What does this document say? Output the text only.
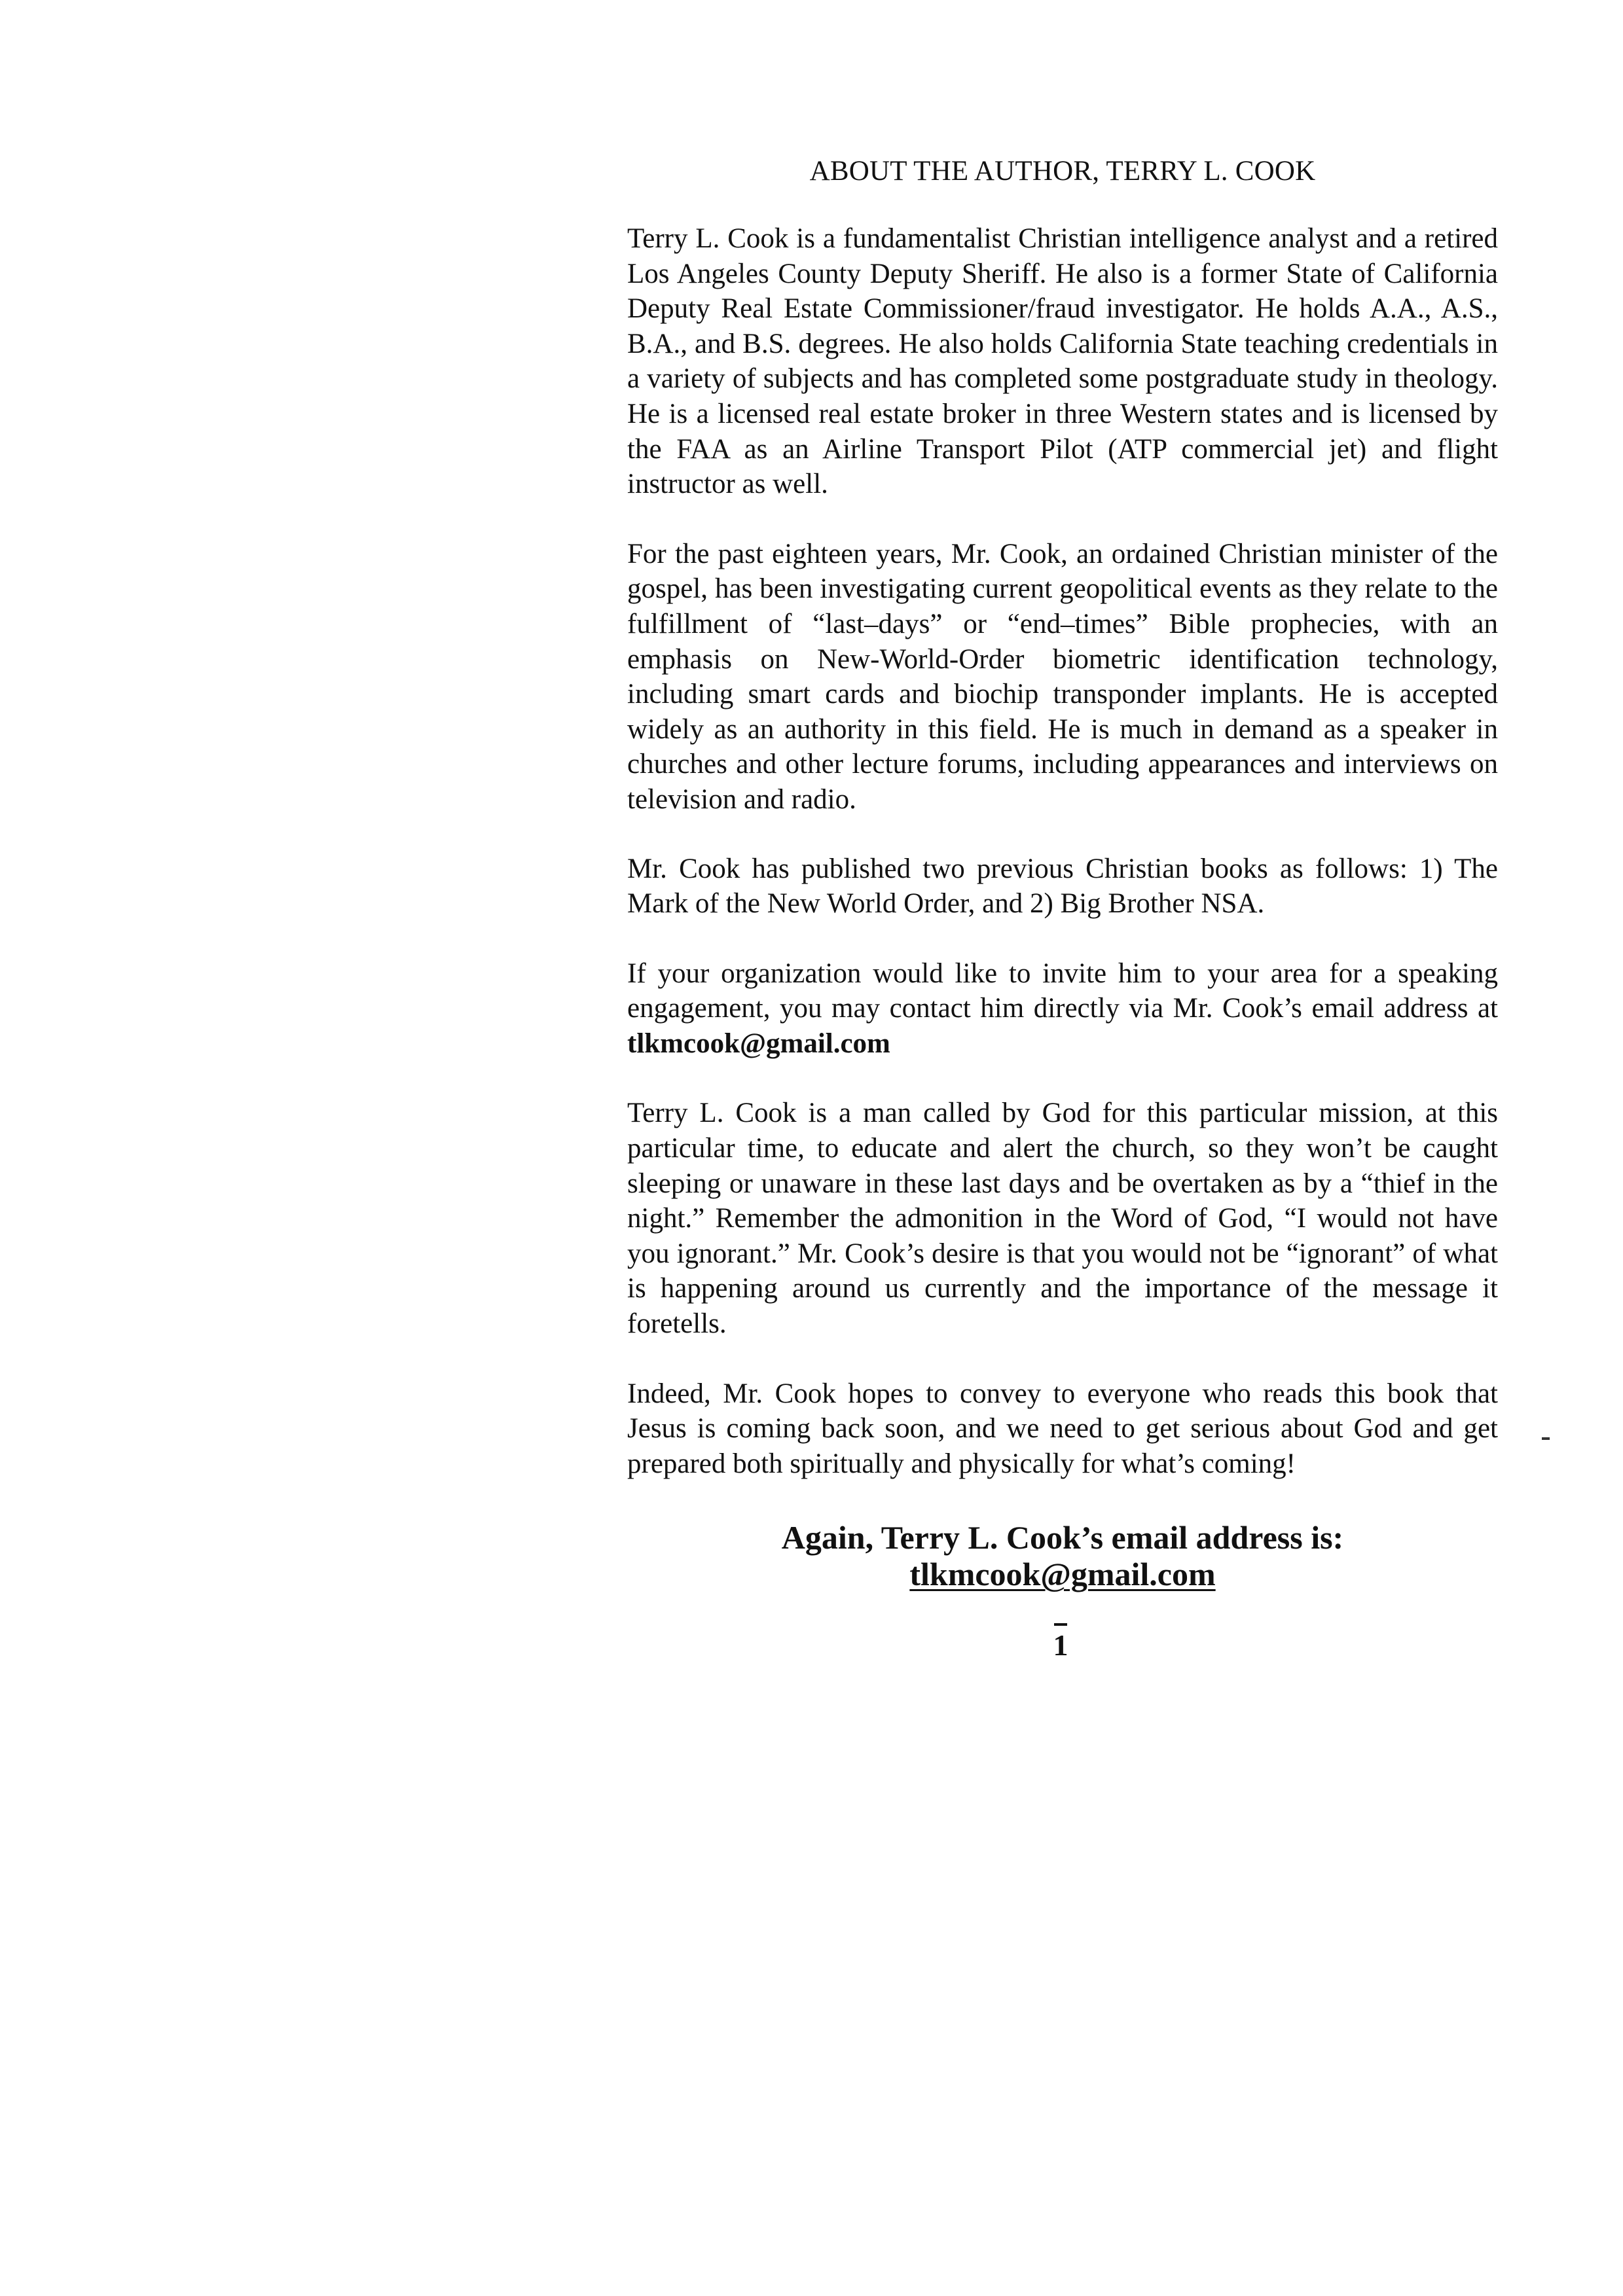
ABOUT THE AUTHOR, TERRY L. COOK

Terry L. Cook is a fundamentalist Christian intelligence analyst and a retired Los Angeles County Deputy Sheriff. He also is a former State of California Deputy Real Estate Commissioner/fraud investigator. He holds A.A., A.S., B.A., and B.S. degrees. He also holds California State teaching credentials in a variety of subjects and has completed some postgraduate study in theology. He is a licensed real estate broker in three Western states and is licensed by the FAA as an Airline Transport Pilot (ATP commercial jet) and flight instructor as well.

For the past eighteen years, Mr. Cook, an ordained Christian minister of the gospel, has been investigating current geopolitical events as they relate to the fulfillment of “last–days” or “end–times” Bible prophecies, with an emphasis on New-World-Order biometric identification technology, including smart cards and biochip transponder implants. He is accepted widely as an authority in this field. He is much in demand as a speaker in churches and other lecture forums, including appearances and interviews on television and radio.

Mr. Cook has published two previous Christian books as follows: 1) The Mark of the New World Order, and 2) Big Brother NSA.

If your organization would like to invite him to your area for a speaking engagement, you may contact him directly via Mr. Cook’s email address at tlkmcook@gmail.com

Terry L. Cook is a man called by God for this particular mission, at this particular time, to educate and alert the church, so they won’t be caught sleeping or unaware in these last days and be overtaken as by a “thief in the night.” Remember the admonition in the Word of God, “I would not have you ignorant.” Mr. Cook’s desire is that you would not be “ignorant” of what is happening around us currently and the importance of the message it foretells.

Indeed, Mr. Cook hopes to convey to everyone who reads this book that Jesus is coming back soon, and we need to get serious about God and get prepared both spiritually and physically for what’s coming!

Again, Terry L. Cook’s email address is:
tlkmcook@gmail.com
1
